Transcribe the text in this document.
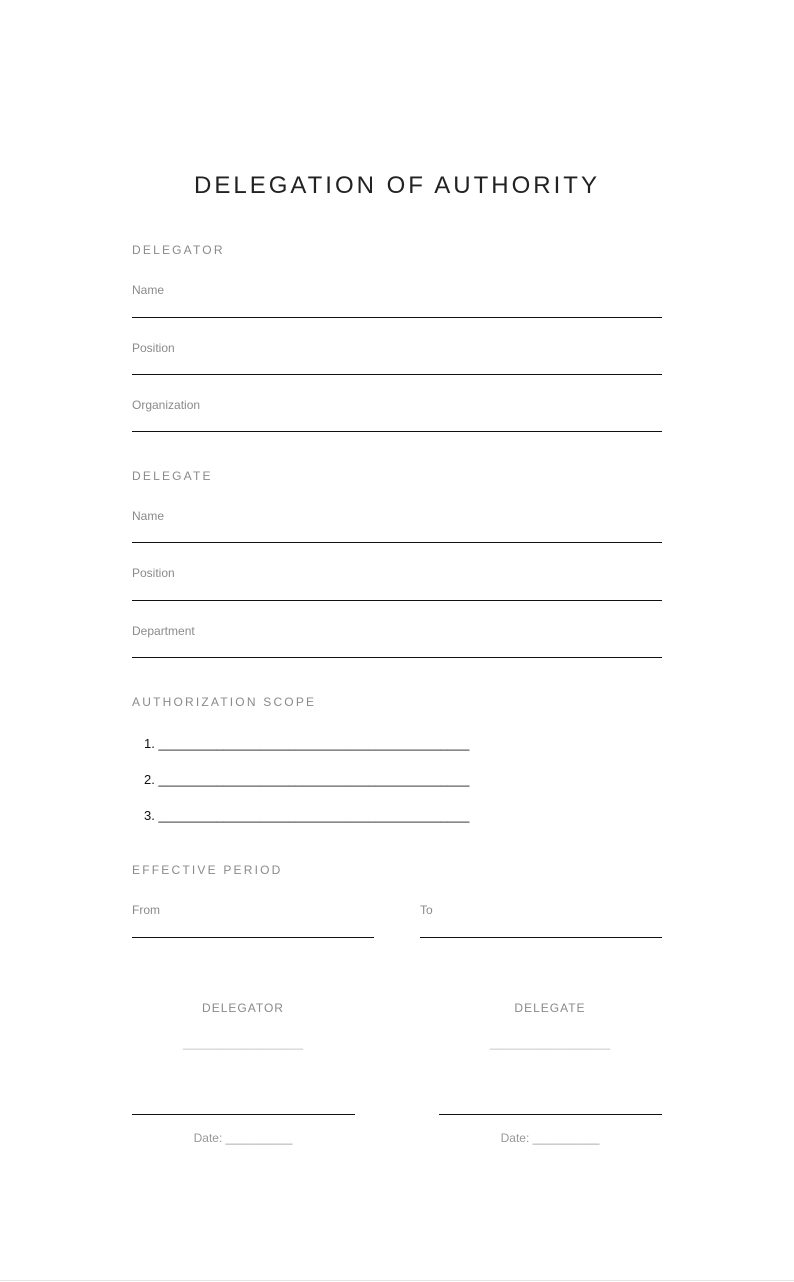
DELEGATION OF AUTHORITY
DELEGATOR
Name
Position
Organization
DELEGATE
Name
Position
Department
AUTHORIZATION SCOPE
1. ___________________________________________
2. ___________________________________________
3. ___________________________________________
EFFECTIVE PERIOD
From	To
DELEGATOR	DELEGATE
__________________	__________________
Date: __________	Date: __________
